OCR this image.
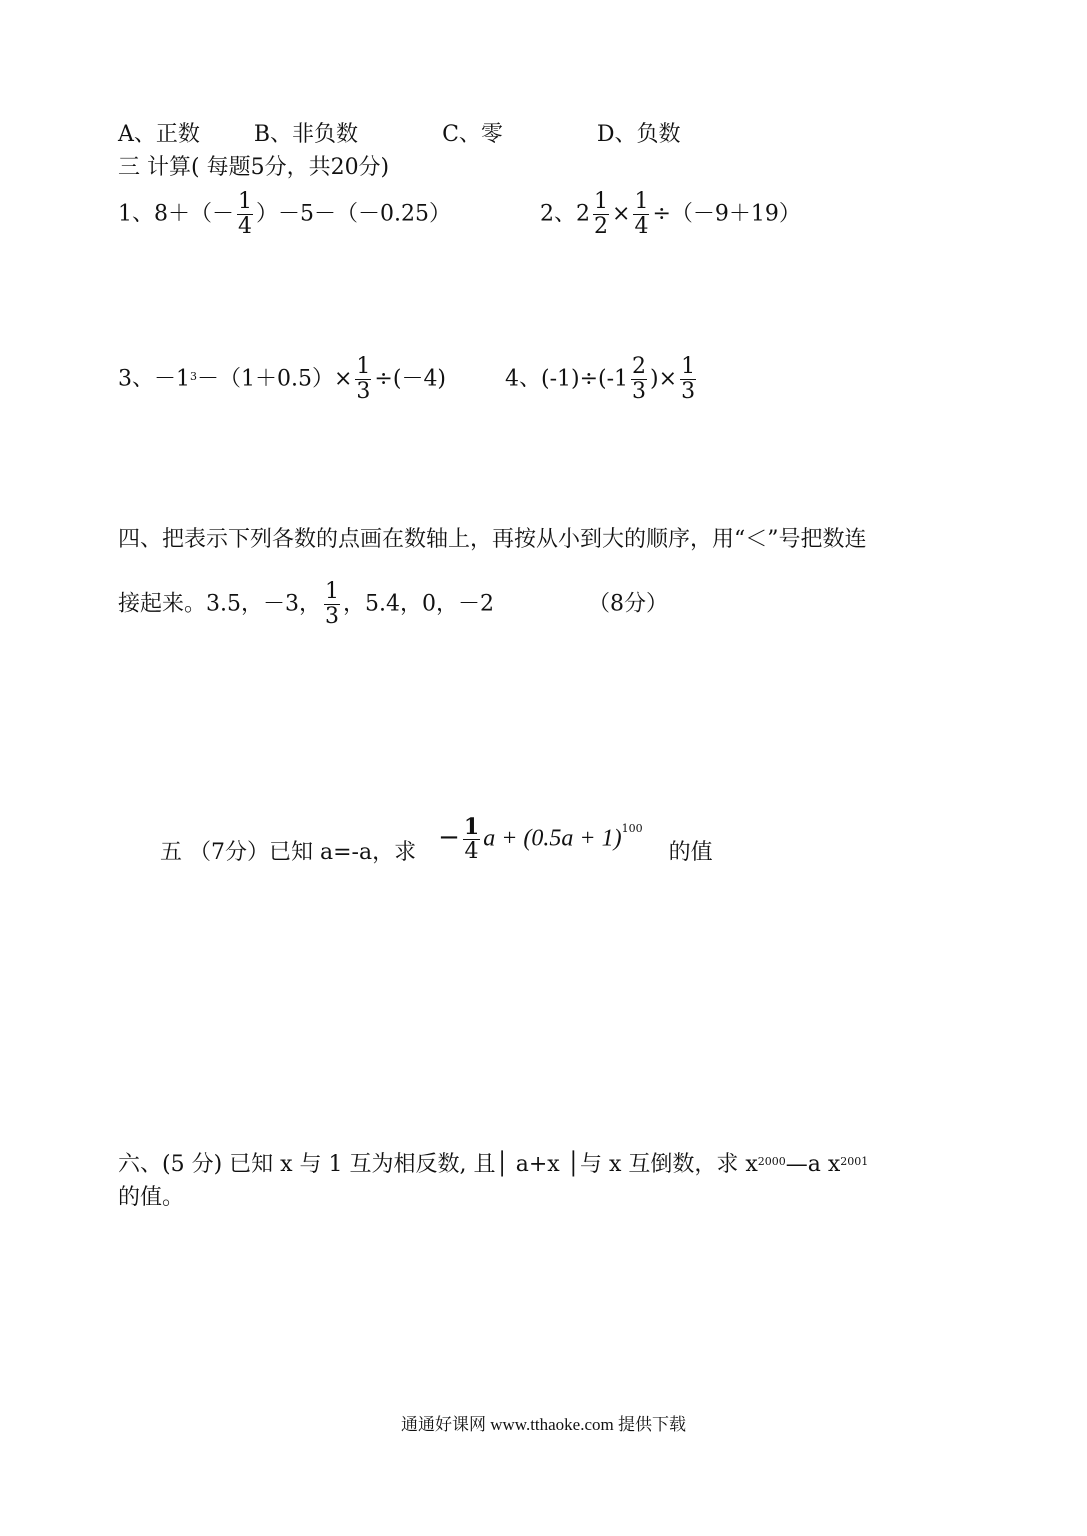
A、正数 B、非负数	C、零	D、负数
三 计算( 每题5分，共20分)
1、$8+(- \frac{1}{4} )-5-(-0.25)$	2、$2 \frac{1}{2} \times \frac{1}{4} \div(-9+19)$
3、$-1^3-(1+0.5)\times \frac{1}{3} \div(-4)$	4、$(-1)\div(-1 \frac{2}{3}$ )× $\frac{1}{3}$
四、把表示下列各数的点画在数轴上，再按从小到大的顺序，用“＜”号把数连
接起来。3.5，－3， $\frac{1}{3}$ ，5.4，0，－2	（8分）
五 （7分）已知 a=-a，求 − $\frac{1}{4}$ $a + (0.5a + 1)^{100}$  的值
六、(5 分) 已知 x 与 1 互为相反数, 且│ a+x │与 x 互倒数，求 $x^{2000}—a$ $x^{2001}$
的值。
通通好课网 www.tthaoke.com 提供下载
